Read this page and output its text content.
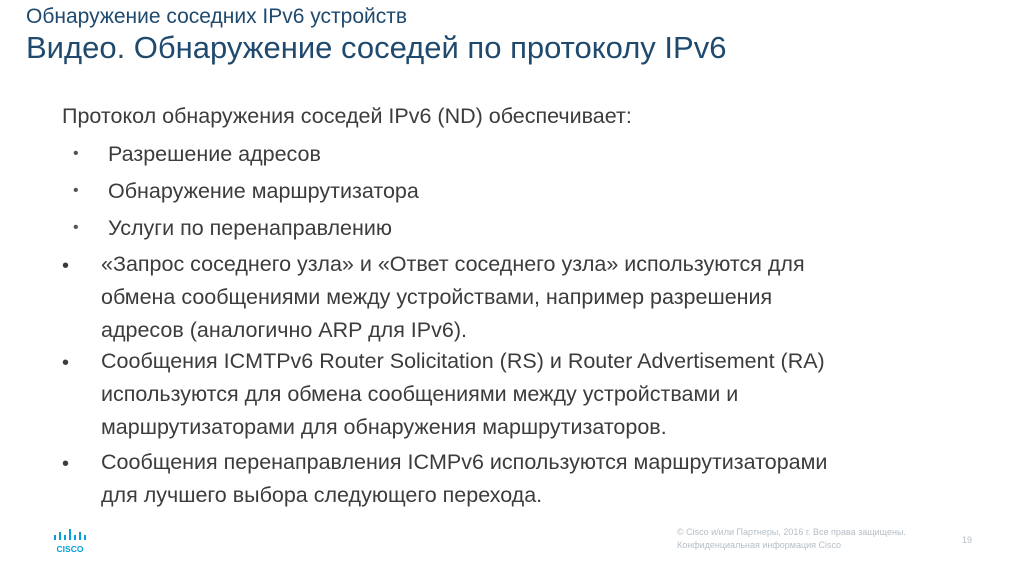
Обнаружение соседних IPv6 устройств
Видео. Обнаружение соседей по протоколу IPv6
Протокол обнаружения соседей IPv6 (ND) обеспечивает:
• Разрешение адресов
• Обнаружение маршрутизатора
• Услуги по перенаправлению
• «Запрос соседнего узла» и «Ответ соседнего узла» используются для
обмена сообщениями между устройствами, например разрешения
адресов (аналогично ARP для IPv6).
• Сообщения ICMTPv6 Router Solicitation (RS) и Router Advertisement (RA)
используются для обмена сообщениями между устройствами и
маршрутизаторами для обнаружения маршрутизаторов.
• Сообщения перенаправления ICMPv6 используются маршрутизаторами
для лучшего выбора следующего перехода.
CISCO
© Cisco и/или Партнеры, 2016 г. Все права защищены.
Конфиденциальная информация Cisco	19
